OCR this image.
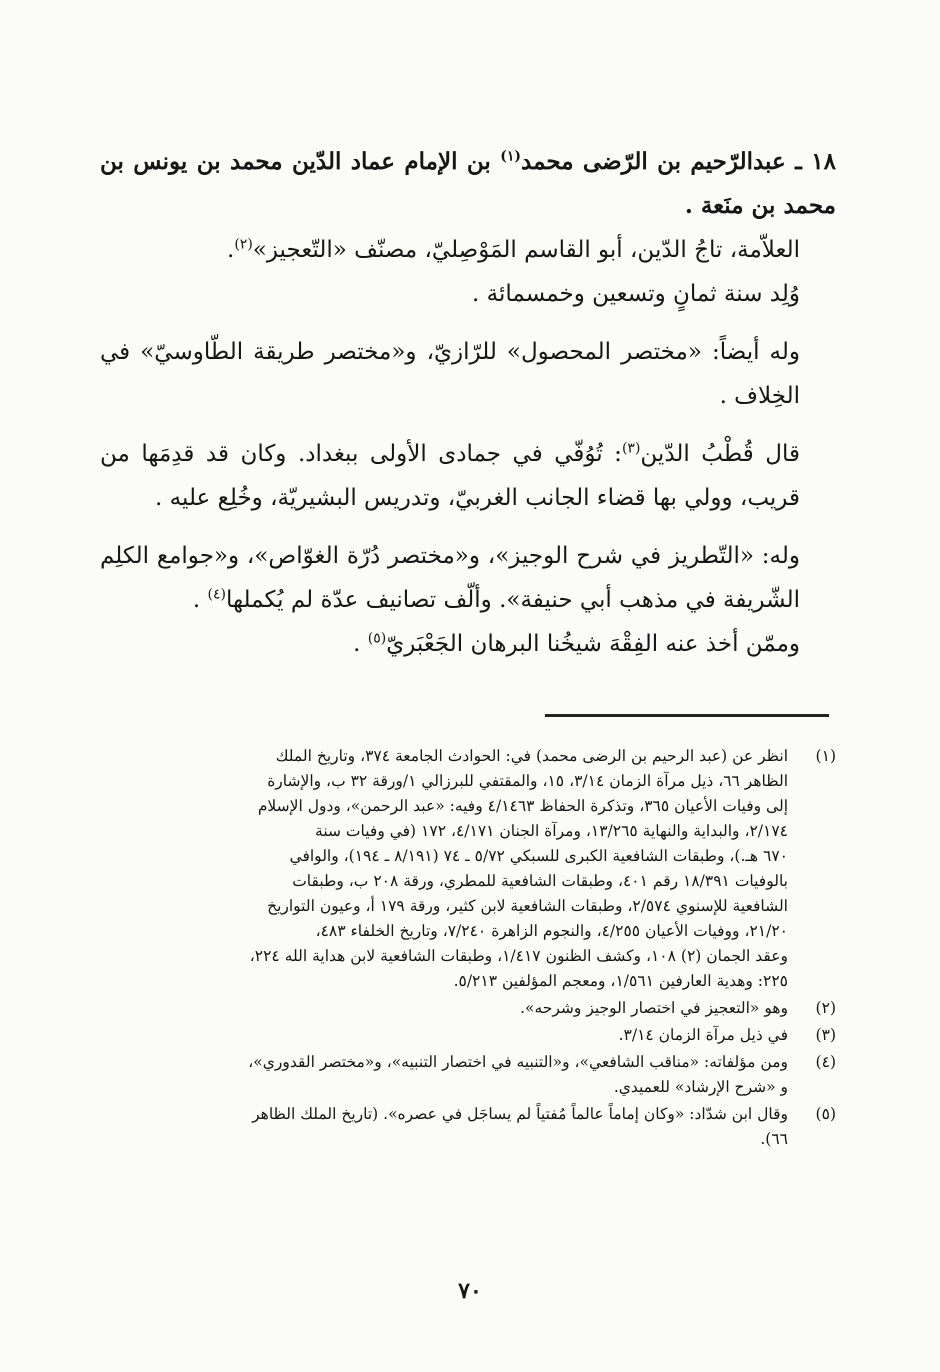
١٨ ـ عبدالرّحيم بن الرّضى محمد$^{(١)}$ بن الإمام عماد الدّين محمد بن يونس بن محمد بن منَعة .

العلاّمة، تاجُ الدّين، أبو القاسم المَوْصِليّ، مصنّف «التّعجيز»$^{(٢)}$.

وُلِد سنة ثمانٍ وتسعين وخمسمائة .

وله أيضاً: «مختصر المحصول» للرّازيّ، و«مختصر طريقة الطّاوسيّ» في الخِلاف .

قال قُطْبُ الدّين$^{(٣)}$: تُوُفّي في جمادى الأولى ببغداد. وكان قد قدِمَها من قريب، وولي بها قضاء الجانب الغربيّ، وتدريس البشيريّة، وخُلِع عليه .

وله: «التّطريز في شرح الوجيز»، و«مختصر دُرّة الغوّاص»، و«جوامع الكلِم الشّريفة في مذهب أبي حنيفة». وألّف تصانيف عدّة لم يُكملها$^{(٤)}$ .

وممّن أخذ عنه الفِقْهَ شيخُنا البرهان الجَعْبَريّ$^{(٥)}$ .

(١)
انظر عن (عبد الرحيم بن الرضى محمد) في: الحوادث الجامعة ٣٧٤، وتاريخ الملك
الظاهر ٦٦، ذيل مرآة الزمان ٣/١٤، ١٥، والمقتفي للبرزالي ١/ورقة ٣٢ ب، والإشارة
إلى وفيات الأعيان ٣٦٥، وتذكرة الحفاظ ٤/١٤٦٣ وفيه: «عبد الرحمن»، ودول الإسلام
٢/١٧٤، والبداية والنهاية ١٣/٢٦٥، ومرآة الجنان ٤/١٧١، ١٧٢ (في وفيات سنة
٦٧٠ هـ.)، وطبقات الشافعية الكبرى للسبكي ٥/٧٢ ـ ٧٤ (٨/١٩١ ـ ١٩٤)، والوافي
بالوفيات ١٨/٣٩١ رقم ٤٠١، وطبقات الشافعية للمطري، ورقة ٢٠٨ ب، وطبقات
الشافعية للإسنوي ٢/٥٧٤، وطبقات الشافعية لابن كثير، ورقة ١٧٩ أ، وعيون التواريخ
٢١/٢٠، ووفيات الأعيان ٤/٢٥٥، والنجوم الزاهرة ٧/٢٤٠، وتاريخ الخلفاء ٤٨٣،
وعقد الجمان (٢) ١٠٨، وكشف الظنون ١/٤١٧، وطبقات الشافعية لابن هداية الله ٢٢٤،
٢٢٥: وهدية العارفين ١/٥٦١، ومعجم المؤلفين ٥/٢١٣.
(٢)
وهو «التعجيز في اختصار الوجيز وشرحه».
(٣)
في ذيل مرآة الزمان ٣/١٤.
(٤)
ومن مؤلفاته: «مناقب الشافعي»، و«التنبيه في اختصار التنبيه»، و«مختصر القدوري»،
و «شرح الإرشاد» للعميدي.
(٥)
وقال ابن شدّاد: «وكان إماماً عالماً مُفتياً لم يساجَل في عصره». (تاريخ الملك الظاهر
٦٦).
٧٠
